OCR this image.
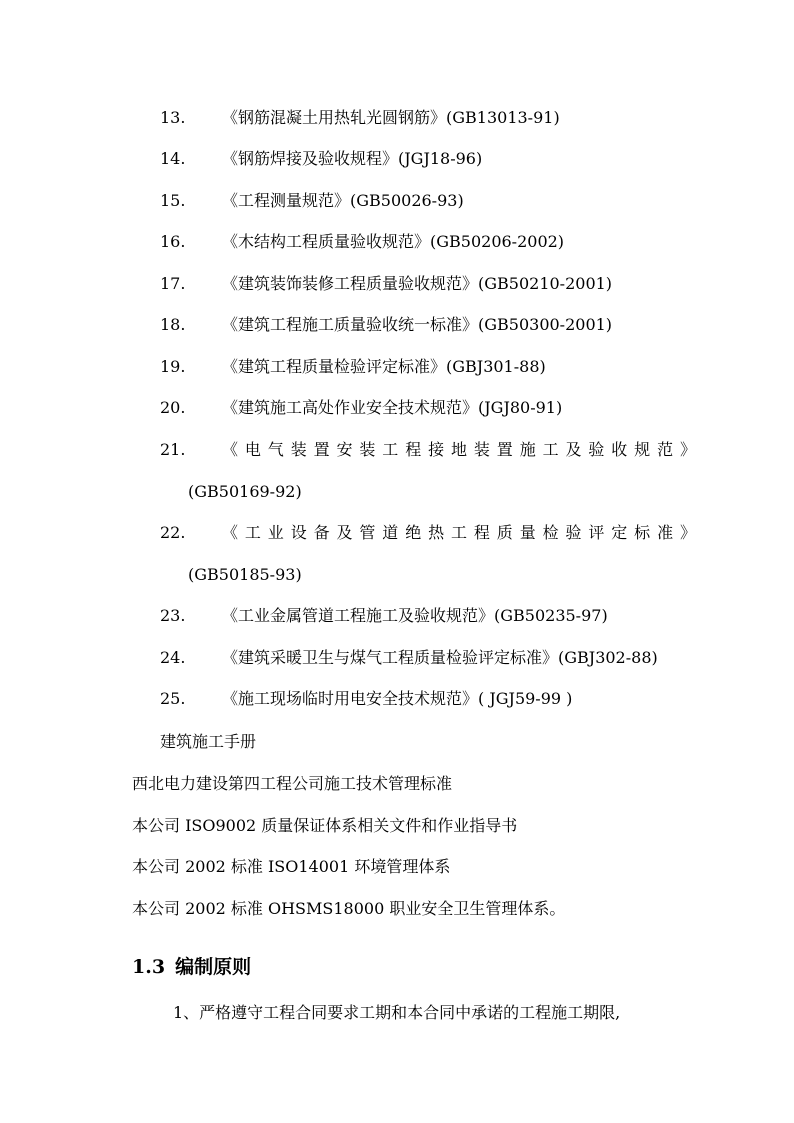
13.	《钢筋混凝土用热轧光圆钢筋》(GB13013-91)
14.	《钢筋焊接及验收规程》(JGJ18-96)
15.	《工程测量规范》(GB50026-93)
16.	《木结构工程质量验收规范》(GB50206-2002)
17.	《建筑装饰装修工程质量验收规范》(GB50210-2001)
18.	《建筑工程施工质量验收统一标准》(GB50300-2001)
19.	《建筑工程质量检验评定标准》(GBJ301-88)
20.	《建筑施工高处作业安全技术规范》(JGJ80-91)
21.	《电气装置安装工程接地装置施工及验收规范》
(GB50169-92)
22.	《工业设备及管道绝热工程质量检验评定标准》
(GB50185-93)
23.	《工业金属管道工程施工及验收规范》(GB50235-97)
24.	《建筑采暖卫生与煤气工程质量检验评定标准》(GBJ302-88)
25.	《施工现场临时用电安全技术规范》( JGJ59-99 )
建筑施工手册
西北电力建设第四工程公司施工技术管理标准
本公司 ISO9002 质量保证体系相关文件和作业指导书
本公司 2002 标准 ISO14001 环境管理体系
本公司 2002 标准 OHSMS18000 职业安全卫生管理体系。
1.3 编制原则
1、严格遵守工程合同要求工期和本合同中承诺的工程施工期限,
